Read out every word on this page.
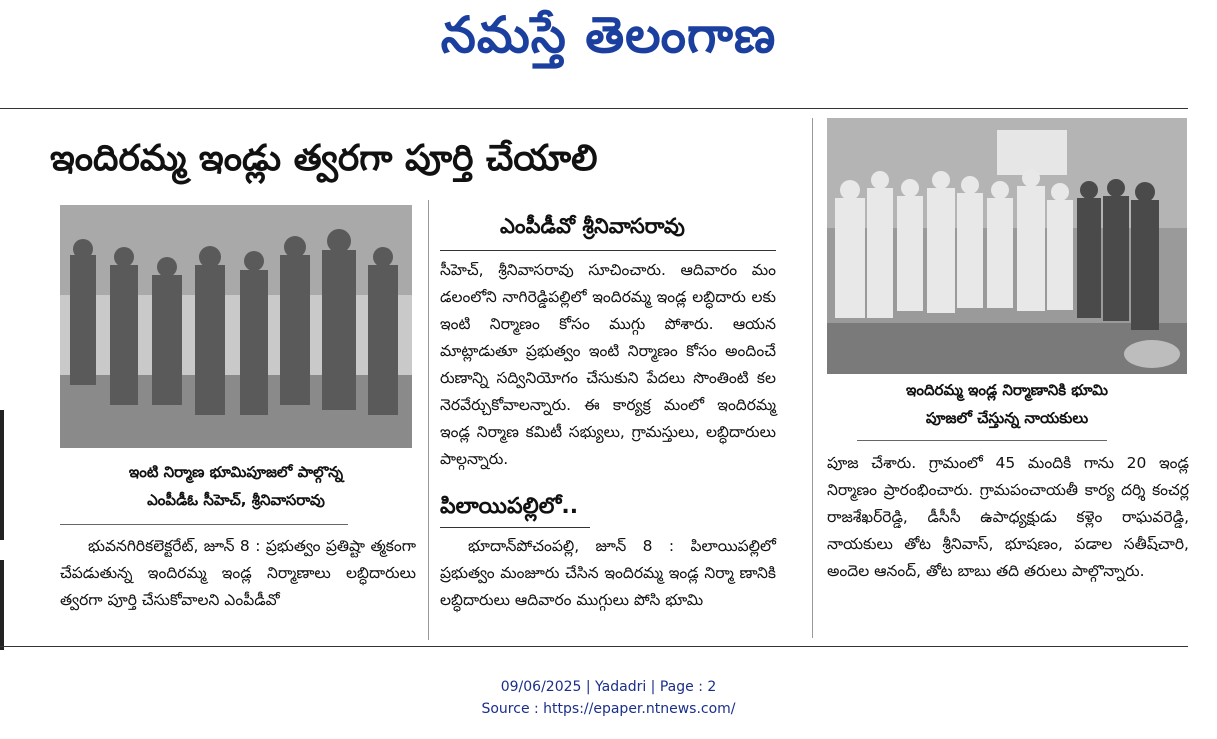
నమస్తే తెలంగాణ
ఇందిరమ్మ ఇండ్లు త్వరగా పూర్తి చేయాలి
ఇంటి నిర్మాణ భూమిపూజలో పాల్గొన్న
ఎంపీడీఓ సీహెచ్‌, శ్రీనివాసరావు

భువనగిరికలెక్టరేట్‌, జూన్‌ 8 : ప్రభుత్వం ప్రతిష్టా త్మకంగా చేపడుతున్న ఇందిరమ్మ ఇండ్ల నిర్మాణాలు లబ్ధిదారులు త్వరగా పూర్తి చేసుకోవాలని ఎంపీడీవో

ఎంపీడీవో శ్రీనివాసరావు

సీహెచ్‌, శ్రీనివాసరావు సూచించారు. ఆదివారం మం డలంలోని నాగిరెడ్డిపల్లిలో ఇందిరమ్మ ఇండ్ల లబ్ధిదారు లకు ఇంటి నిర్మాణం కోసం ముగ్గు పోశారు. ఆయన మాట్లాడుతూ ప్రభుత్వం ఇంటి నిర్మాణం కోసం అందించే రుణాన్ని సద్వినియోగం చేసుకుని పేదలు సొంతింటి కల నెరవేర్చుకోవాలన్నారు. ఈ కార్యక్ర మంలో ఇందిరమ్మ ఇండ్ల నిర్మాణ కమిటీ సభ్యులు, గ్రామస్తులు, లబ్ధిదారులు పాల్గన్నారు.

పిలాయిపల్లిలో..

భూదాన్‌పోచంపల్లి, జూన్‌ 8 : పిలాయిపల్లిలో ప్రభుత్వం మంజూరు చేసిన ఇందిరమ్మ ఇండ్ల నిర్మా ణానికి లబ్ధిదారులు ఆదివారం ముగ్గులు పోసి భూమి

ఇందిరమ్మ ఇండ్ల నిర్మాణానికి భూమి
పూజలో చేస్తున్న నాయకులు

పూజ చేశారు. గ్రామంలో 45 మందికి గాను 20 ఇండ్ల నిర్మాణం ప్రారంభించారు. గ్రామపంచాయతీ కార్య దర్శి కంచర్ల రాజశేఖర్‌రెడ్డి, డీసీసీ ఉపాధ్యక్షుడు కళ్లెం రాఘవరెడ్డి, నాయకులు తోట శ్రీనివాస్‌, భూషణం, పడాల సతీష్‌చారి, అందెల ఆనంద్‌, తోట బాబు తది తరులు పాల్గొన్నారు.

09/06/2025 | Yadadri | Page : 2
Source : https://epaper.ntnews.com/
